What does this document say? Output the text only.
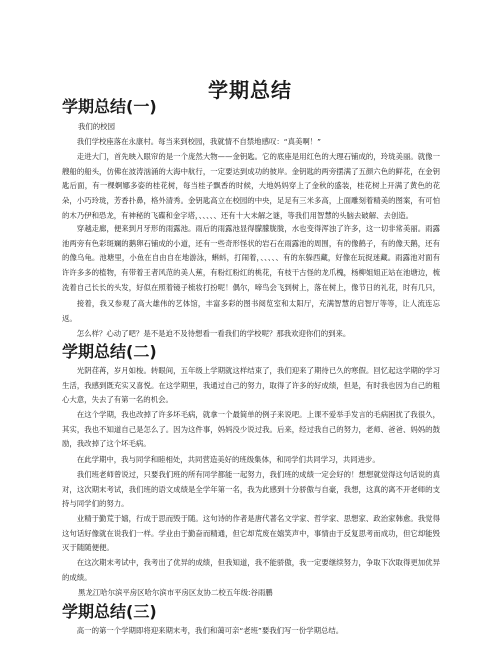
学期总结
学期总结(一)
我们的校园
我们学校座落在永康村。每当来到校园，我就情不自禁地感叹：“真美啊！”
走进大门，首先映入眼帘的是一个庞然大物——金钥匙。它的底座是用红色的大理石铺成的，玲珑美丽。就像一艘船的船头，仿佛在波涛汹涌的大海中航行，一定要达到成功的彼岸。金钥匙的两旁摆满了五颜六色的鲜花，在金钥匙后面，有一棵婀娜多姿的桂花树，每当桂子飘香的时候，大地妈妈穿上了金秋的盛装，桂花树上开满了黄色的花朵，小巧玲珑，芳香扑鼻，格外清秀。金钥匙高立在校园的中央，足足有三米多高，上面雕刻着精美的图案，有可怕的木乃伊和恐龙，有神秘的飞碟和金字塔，、、、、、还有十大未解之谜，等我们用智慧的头脑去破解、去创造。
穿越走廊，便来到月牙形的雨露池。雨后的雨露池显得朦朦胧胧，水也变得浑浊了许多，这一切非常美丽。雨露池两旁有色彩斑斓的鹅卵石铺成的小道，还有一些奇形怪状的岩石在雨露池的周围，有的像鹤子，有的像天鹅，还有的像乌龟。池塘里，小鱼在自由自在地游泳，蝌蚪，打闹着，、、、、、有的东躲西藏，好像在玩捉迷藏。雨露池对面有许许多多的植物，有带着王者风范的美人蕉，有粉红粉红的桃花，有枝干古怪的龙爪槐，杨柳姐姐正站在池塘边，梳洗着自己长长的头发，好似在照着镜子梳妆打扮呢！偶尔，啼鸟会飞到树上，落在树上，像节日的礼花，时有几只，
接着，我又参观了高大雄伟的艺体馆，丰富多彩的图书阅览室和太阳厅，充满智慧的启智厅等等，让人流连忘返。
怎么样？心动了吧？是不是迫不及待想看一看我们的学校呢？那我欢迎你们的到来。
学期总结(二)
光阴荏苒，岁月如梭。转眼间，五年级上学期就这样结束了，我们迎来了期待已久的寒假。回忆起这学期的学习生活，我感到既充实又喜悦。在这学期里，我通过自己的努力，取得了许多的好成绩，但是，有时我也因为自己的粗心大意，失去了有第一名的机会。
在这个学期，我也改掉了许多坏毛病，就拿一个最简单的例子来说吧。上课不爱举手发言的毛病困扰了我很久，其实，我也不知道自己是怎么了。因为这件事，妈妈没少说过我。后来，经过我自己的努力，老师、爸爸、妈妈的鼓励，我改掉了这个坏毛病。
在此学期中，我与同学和睦相处，共同营造美好的班级集体，和同学们共同学习，共同进步。
我们班老师曾说过，只要我们班的所有同学都能一起努力，我们班的成绩一定会好的！想想就觉得这句话说的真对，这次期末考试，我们班的语文成绩是全学年第一名，我为此感到十分骄傲与自豪，我想，这真的离不开老师的支持与同学们的努力。
业精于勤荒于嬉，行成于思而毁于随。这句诗的作者是唐代著名文学家、哲学家、思想家、政治家韩愈。我觉得这句话好像就在说我们一样。学业由于勤奋而精通，但它却荒废在嬉笑声中，事情由于反复思考而成功，但它却能毁灭于随随便便。
在这次期末考试中，我考出了优异的成绩，但我知道，我不能骄傲，我一定要继续努力，争取下次取得更加优异的成绩。
黑龙江哈尔滨平房区哈尔滨市平房区友协二校五年级:谷雨鹏
学期总结(三)
高一的第一个学期即将迎来期末考，我们和蔼可亲“老班”要我们写一份学期总结。
